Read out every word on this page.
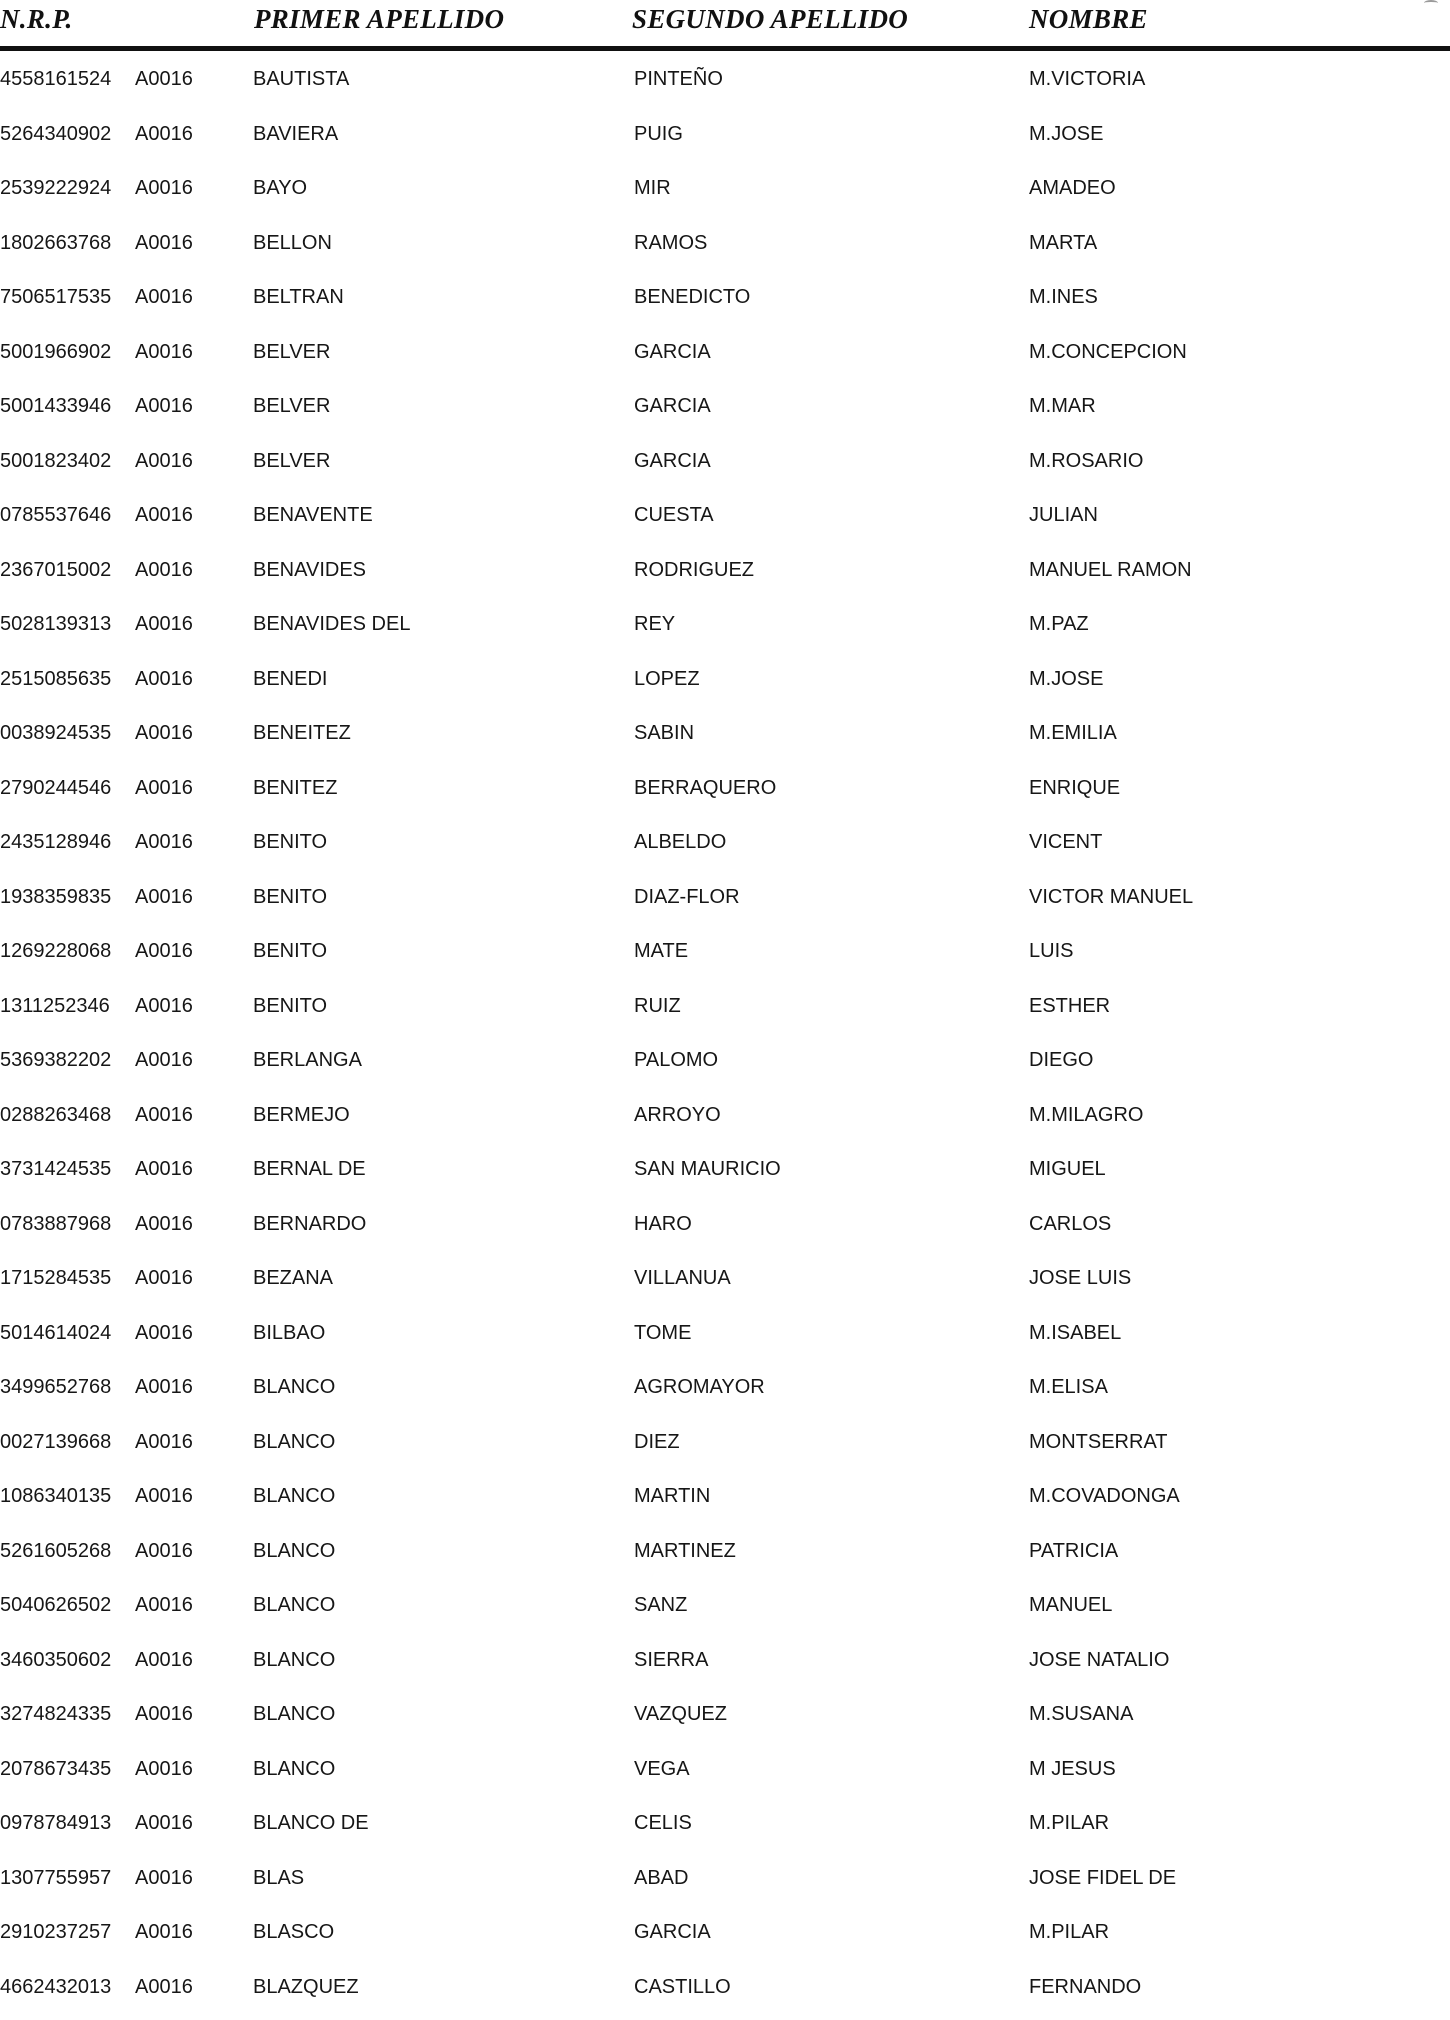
N.R.P.	PRIMER APELLIDO	SEGUNDO APELLIDO	NOMBRE
4558161524 A0016	BAUTISTA	PINTEÑO	M.VICTORIA
5264340902 A0016	BAVIERA	PUIG	M.JOSE
2539222924 A0016	BAYO	MIR	AMADEO
1802663768 A0016	BELLON	RAMOS	MARTA
7506517535 A0016	BELTRAN	BENEDICTO	M.INES
5001966902 A0016	BELVER	GARCIA	M.CONCEPCION
5001433946 A0016	BELVER	GARCIA	M.MAR
5001823402 A0016	BELVER	GARCIA	M.ROSARIO
0785537646 A0016	BENAVENTE	CUESTA	JULIAN
2367015002 A0016	BENAVIDES	RODRIGUEZ	MANUEL RAMON
5028139313 A0016	BENAVIDES DEL	REY	M.PAZ
2515085635 A0016	BENEDI	LOPEZ	M.JOSE
0038924535 A0016	BENEITEZ	SABIN	M.EMILIA
2790244546 A0016	BENITEZ	BERRAQUERO	ENRIQUE
2435128946 A0016	BENITO	ALBELDO	VICENT
1938359835 A0016	BENITO	DIAZ-FLOR	VICTOR MANUEL
1269228068 A0016	BENITO	MATE	LUIS
1311252346 A0016	BENITO	RUIZ	ESTHER
5369382202 A0016	BERLANGA	PALOMO	DIEGO
0288263468 A0016	BERMEJO	ARROYO	M.MILAGRO
3731424535 A0016	BERNAL DE	SAN MAURICIO	MIGUEL
0783887968 A0016	BERNARDO	HARO	CARLOS
1715284535 A0016	BEZANA	VILLANUA	JOSE LUIS
5014614024 A0016	BILBAO	TOME	M.ISABEL
3499652768 A0016	BLANCO	AGROMAYOR	M.ELISA
0027139668 A0016	BLANCO	DIEZ	MONTSERRAT
1086340135 A0016	BLANCO	MARTIN	M.COVADONGA
5261605268 A0016	BLANCO	MARTINEZ	PATRICIA
5040626502 A0016	BLANCO	SANZ	MANUEL
3460350602 A0016	BLANCO	SIERRA	JOSE NATALIO
3274824335 A0016	BLANCO	VAZQUEZ	M.SUSANA
2078673435 A0016	BLANCO	VEGA	M JESUS
0978784913 A0016	BLANCO DE	CELIS	M.PILAR
1307755957 A0016	BLAS	ABAD	JOSE FIDEL DE
2910237257 A0016	BLASCO	GARCIA	M.PILAR
4662432013 A0016	BLAZQUEZ	CASTILLO	FERNANDO
